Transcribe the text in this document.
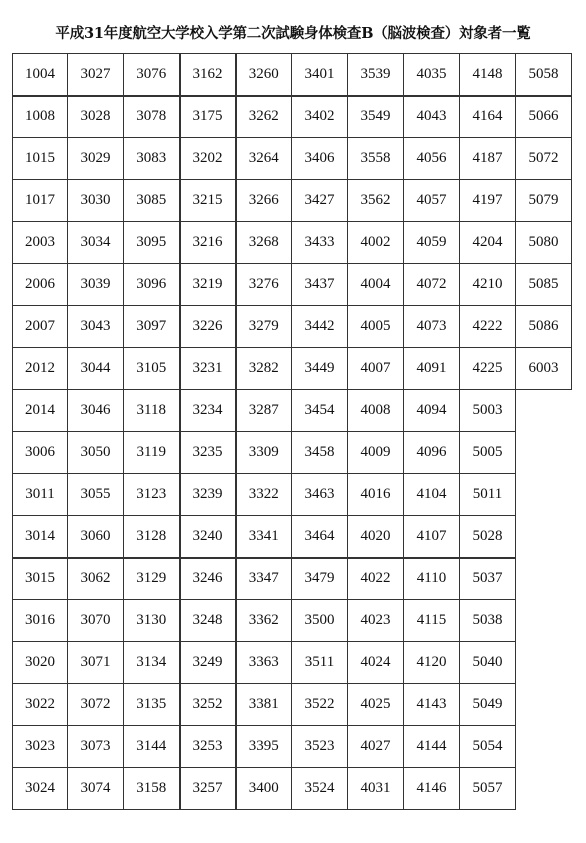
平成31年度航空大学校入学第二次試験身体検査B（脳波検査）対象者一覧
1004	3027	3076	3162	3260	3401	3539	4035	4148	5058
1008	3028	3078	3175	3262	3402	3549	4043	4164	5066
1015	3029	3083	3202	3264	3406	3558	4056	4187	5072
1017	3030	3085	3215	3266	3427	3562	4057	4197	5079
2003	3034	3095	3216	3268	3433	4002	4059	4204	5080
2006	3039	3096	3219	3276	3437	4004	4072	4210	5085
2007	3043	3097	3226	3279	3442	4005	4073	4222	5086
2012	3044	3105	3231	3282	3449	4007	4091	4225	6003
2014	3046	3118	3234	3287	3454	4008	4094	5003	
3006	3050	3119	3235	3309	3458	4009	4096	5005	
3011	3055	3123	3239	3322	3463	4016	4104	5011	
3014	3060	3128	3240	3341	3464	4020	4107	5028	
3015	3062	3129	3246	3347	3479	4022	4110	5037	
3016	3070	3130	3248	3362	3500	4023	4115	5038	
3020	3071	3134	3249	3363	3511	4024	4120	5040	
3022	3072	3135	3252	3381	3522	4025	4143	5049	
3023	3073	3144	3253	3395	3523	4027	4144	5054	
3024	3074	3158	3257	3400	3524	4031	4146	5057	
